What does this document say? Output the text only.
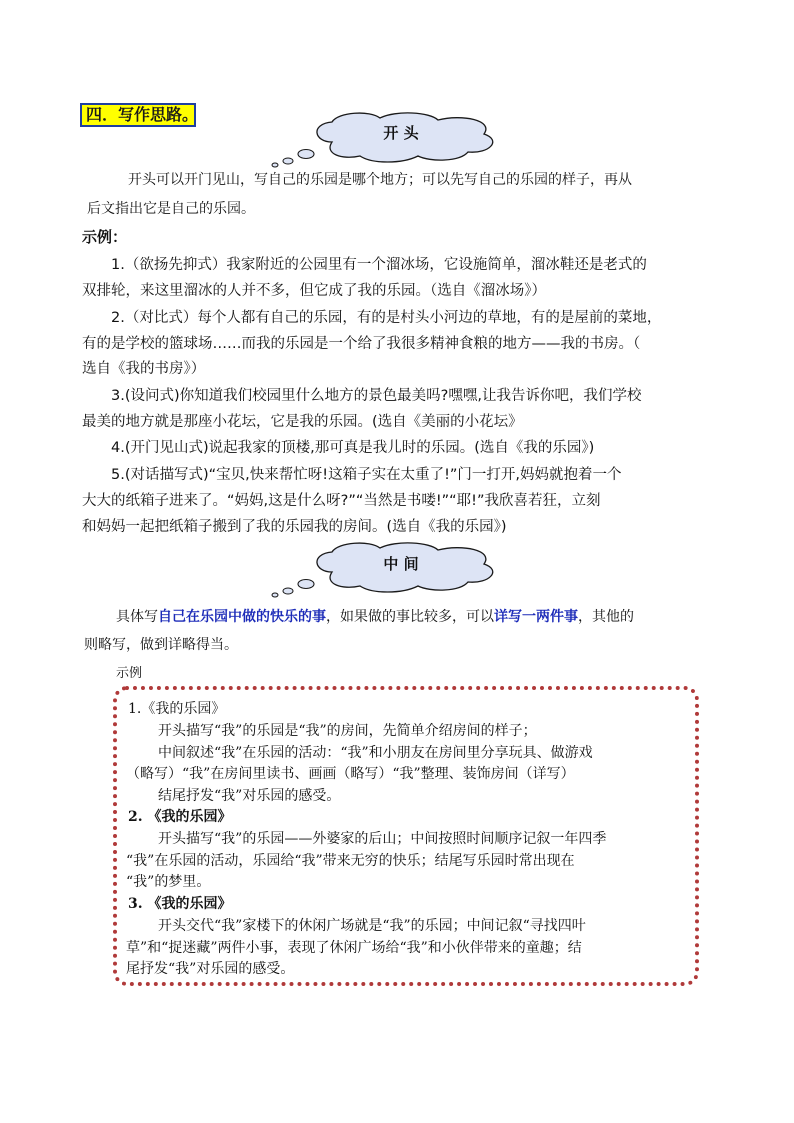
四．写作思路。
开 头
开头可以开门见山，写自己的乐园是哪个地方；可以先写自己的乐园的样子，再从
后文指出它是自己的乐园。
示例：
1.（欲扬先抑式）我家附近的公园里有一个溜冰场，它设施简单，溜冰鞋还是老式的
双排轮，来这里溜冰的人并不多，但它成了我的乐园。（选自《溜冰场》）
2.（对比式）每个人都有自己的乐园，有的是村头小河边的草地，有的是屋前的菜地，
有的是学校的篮球场……而我的乐园是一个给了我很多精神食粮的地方——我的书房。（
选自《我的书房》）
3.(设问式)你知道我们校园里什么地方的景色最美吗?嘿嘿,让我告诉你吧，我们学校
最美的地方就是那座小花坛，它是我的乐园。(选自《美丽的小花坛》
4.(开门见山式)说起我家的顶楼,那可真是我儿时的乐园。(选自《我的乐园》)
5.(对话描写式)“宝贝,快来帮忙呀!这箱子实在太重了!”门一打开,妈妈就抱着一个
大大的纸箱子进来了。“妈妈,这是什么呀?”“当然是书喽!”“耶!”我欣喜若狂，立刻
和妈妈一起把纸箱子搬到了我的乐园我的房间。(选自《我的乐园》)
中 间
具体写自己在乐园中做的快乐的事，如果做的事比较多，可以详写一两件事，其他的
则略写，做到详略得当。
示例
1.《我的乐园》
开头描写“我”的乐园是“我”的房间，先简单介绍房间的样子；
中间叙述“我”在乐园的活动：“我”和小朋友在房间里分享玩具、做游戏
（略写）“我”在房间里读书、画画（略写）“我”整理、装饰房间（详写）
结尾抒发“我”对乐园的感受。
2. 《我的乐园》
开头描写“我”的乐园——外婆家的后山；中间按照时间顺序记叙一年四季
“我”在乐园的活动，乐园给“我”带来无穷的快乐；结尾写乐园时常出现在
“我”的梦里。
3. 《我的乐园》
开头交代“我”家楼下的休闲广场就是“我”的乐园；中间记叙“寻找四叶
草”和“捉迷藏”两件小事，表现了休闲广场给“我”和小伙伴带来的童趣；结
尾抒发“我”对乐园的感受。
